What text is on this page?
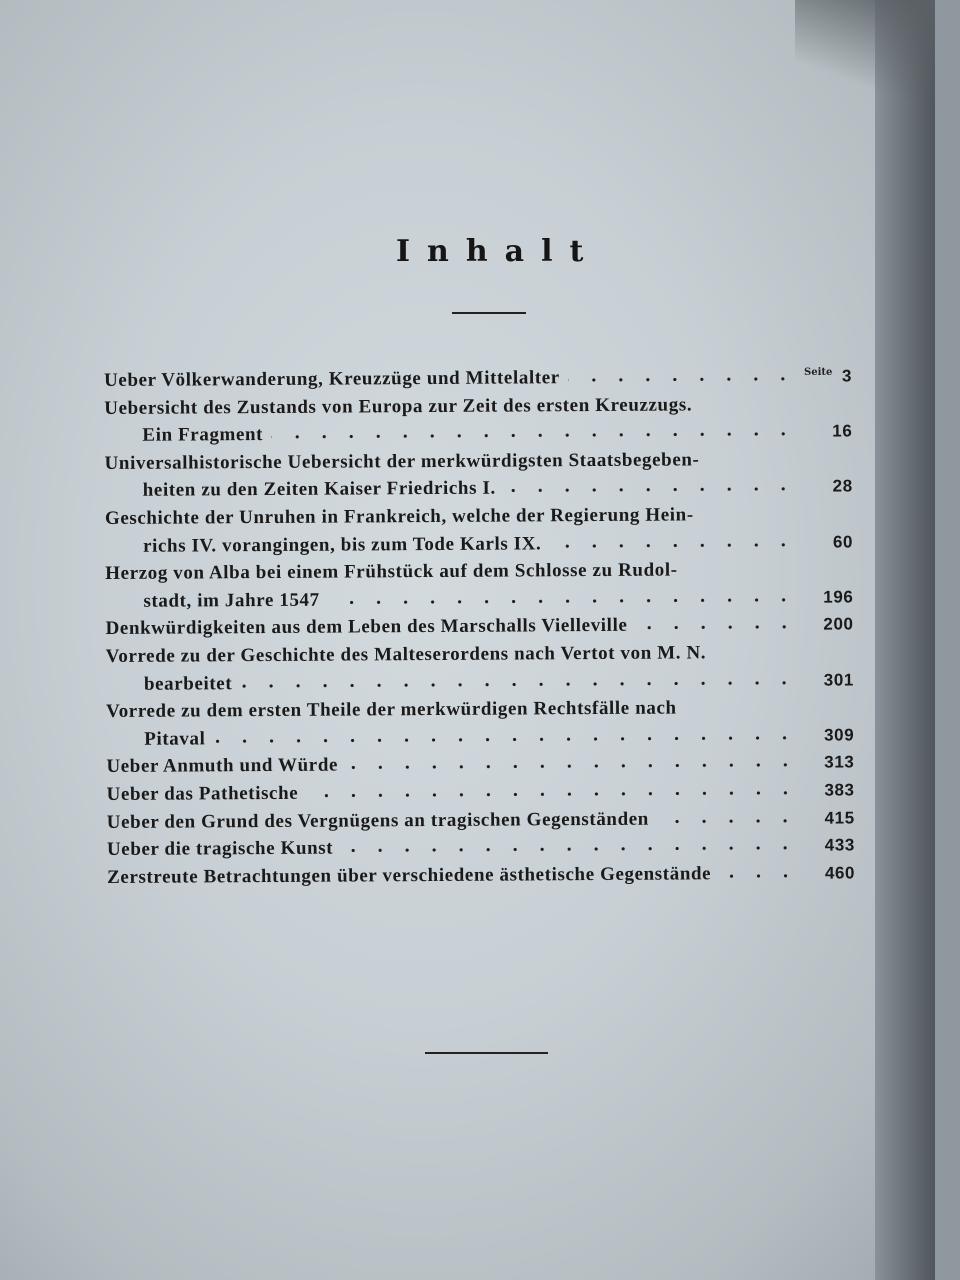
Inhalt
Seite
Ueber Völkerwanderung, Kreuzzüge und Mittelalter	3
Uebersicht des Zustands von Europa zur Zeit des ersten Kreuzzugs.
Ein Fragment	16
Universalhistorische Uebersicht der merkwürdigsten Staatsbegeben-
heiten zu den Zeiten Kaiser Friedrichs I.	28
Geschichte der Unruhen in Frankreich, welche der Regierung Hein-
richs IV. vorangingen, bis zum Tode Karls IX.	60
Herzog von Alba bei einem Frühstück auf dem Schlosse zu Rudol-
stadt, im Jahre 1547	196
Denkwürdigkeiten aus dem Leben des Marschalls Vielleville	200
Vorrede zu der Geschichte des Malteserordens nach Vertot von M. N.
bearbeitet	301
Vorrede zu dem ersten Theile der merkwürdigen Rechtsfälle nach
Pitaval	309
Ueber Anmuth und Würde	313
Ueber das Pathetische	383
Ueber den Grund des Vergnügens an tragischen Gegenständen	415
Ueber die tragische Kunst	433
Zerstreute Betrachtungen über verschiedene ästhetische Gegenstände	460
